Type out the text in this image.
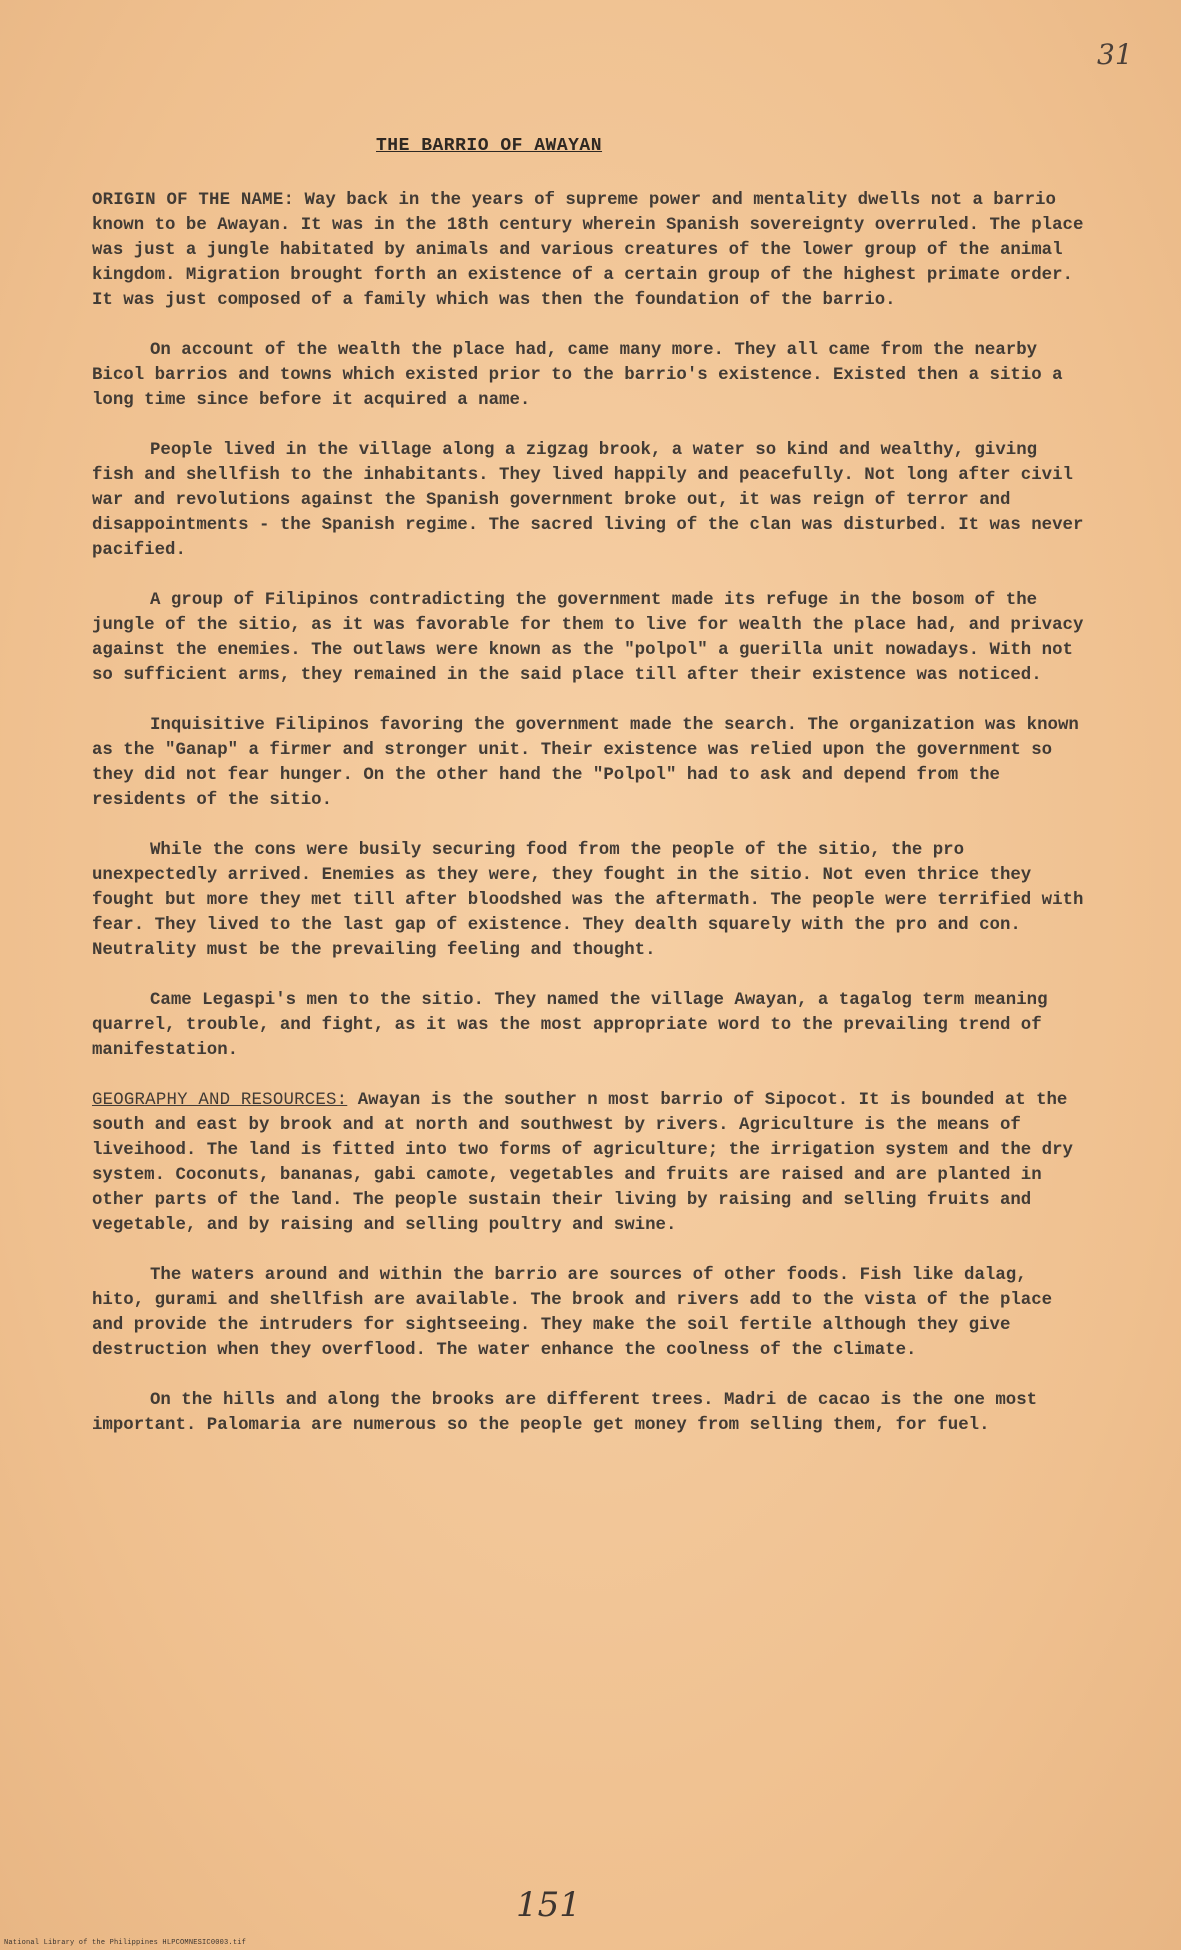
31
THE BARRIO OF AWAYAN

ORIGIN OF THE NAME: Way back in the years of supreme power and mentality dwells not a barrio known to be Awayan. It was in the 18th century wherein Spanish sovereignty overruled. The place was just a jungle habitated by animals and various creatures of the lower group of the animal kingdom. Migration brought forth an existence of a certain group of the highest primate order. It was just composed of a family which was then the foundation of the barrio.

On account of the wealth the place had, came many more. They all came from the nearby Bicol barrios and towns which existed prior to the barrio's existence. Existed then a sitio a long time since before it acquired a name.

People lived in the village along a zigzag brook, a water so kind and wealthy, giving fish and shellfish to the inhabitants. They lived happily and peacefully. Not long after civil war and revolutions against the Spanish government broke out, it was reign of terror and disappointments - the Spanish regime. The sacred living of the clan was disturbed. It was never pacified.

A group of Filipinos contradicting the government made its refuge in the bosom of the jungle of the sitio, as it was favorable for them to live for wealth the place had, and privacy against the enemies. The outlaws were known as the "polpol" a guerilla unit nowadays. With not so sufficient arms, they remained in the said place till after their existence was noticed.

Inquisitive Filipinos favoring the government made the search. The organization was known as the "Ganap" a firmer and stronger unit. Their existence was relied upon the government so they did not fear hunger. On the other hand the "Polpol" had to ask and depend from the residents of the sitio.

While the cons were busily securing food from the people of the sitio, the pro unexpectedly arrived. Enemies as they were, they fought in the sitio. Not even thrice they fought but more they met till after bloodshed was the aftermath. The people were terrified with fear. They lived to the last gap of existence. They dealth squarely with the pro and con. Neutrality must be the prevailing feeling and thought.

Came Legaspi's men to the sitio. They named the village Awayan, a tagalog term meaning quarrel, trouble, and fight, as it was the most appropriate word to the prevailing trend of manifestation.

GEOGRAPHY AND RESOURCES: Awayan is the souther n most barrio of Sipocot. It is bounded at the south and east by brook and at north and southwest by rivers. Agriculture is the means of liveihood. The land is fitted into two forms of agriculture; the irrigation system and the dry system. Coconuts, bananas, gabi camote, vegetables and fruits are raised and are planted in other parts of the land. The people sustain their living by raising and selling fruits and vegetable, and by raising and selling poultry and swine.

The waters around and within the barrio are sources of other foods. Fish like dalag, hito, gurami and shellfish are available. The brook and rivers add to the vista of the place and provide the intruders for sightseeing. They make the soil fertile although they give destruction when they overflood. The water enhance the coolness of the climate.

On the hills and along the brooks are different trees. Madri de cacao is the one most important. Palomaria are numerous so the people get money from selling them, for fuel.

151
National Library of the Philippines HLPCOMNESIC0003.tif
